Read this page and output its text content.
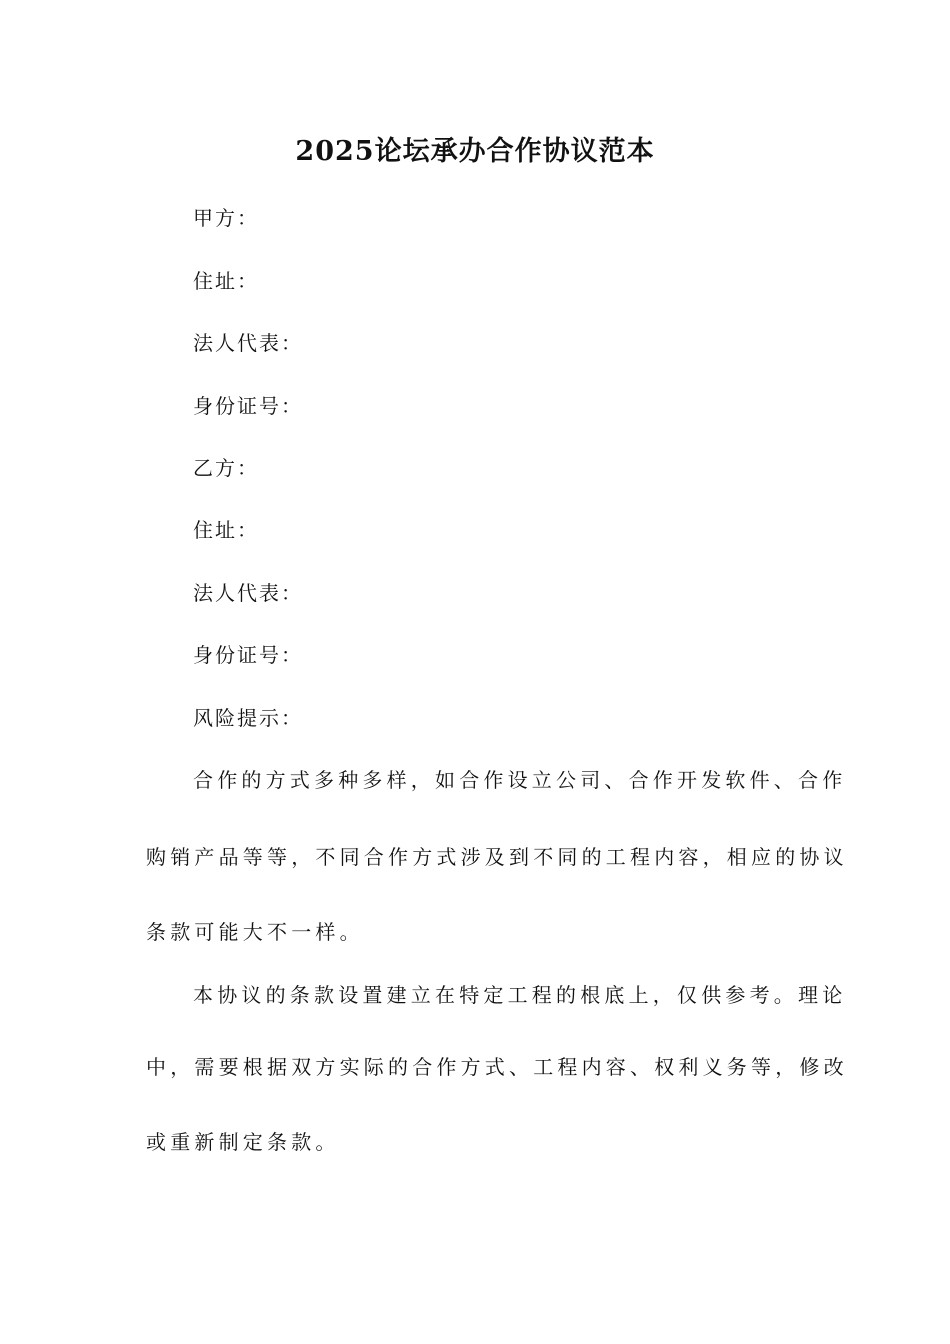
2025论坛承办合作协议范本

甲方：

住址：

法人代表：

身份证号：

乙方：

住址：

法人代表：

身份证号：

风险提示：

合作的方式多种多样，如合作设立公司、合作开发软件、合作
购销产品等等，不同合作方式涉及到不同的工程内容，相应的协议
条款可能大不一样。
本协议的条款设置建立在特定工程的根底上，仅供参考。理论
中，需要根据双方实际的合作方式、工程内容、权利义务等，修改
或重新制定条款。
